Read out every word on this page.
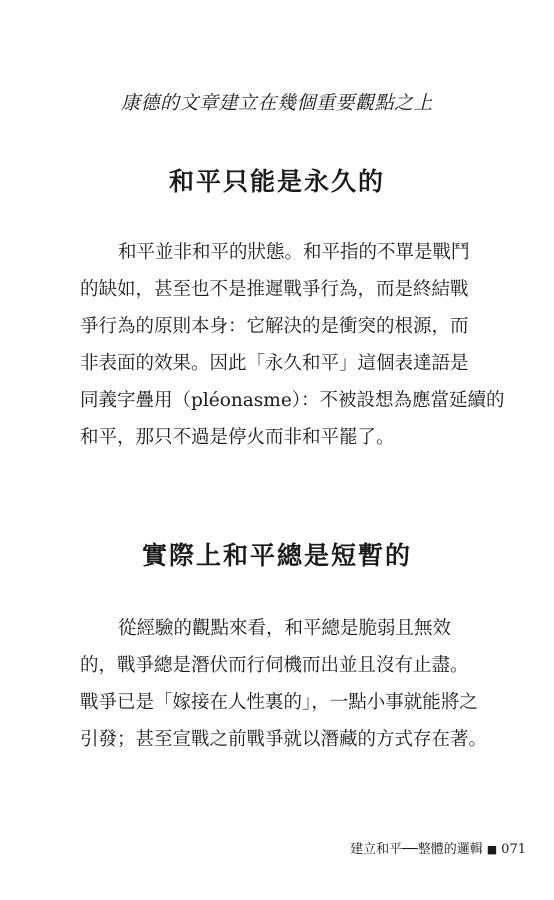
康德的文章建立在幾個重要觀點之上
和平只能是永久的
和平並非和平的狀態。和平指的不單是戰鬥
的缺如，甚至也不是推遲戰爭行為，而是終結戰
爭行為的原則本身：它解決的是衝突的根源，而
非表面的效果。因此「永久和平」這個表達語是
同義字疊用（pléonasme）：不被設想為應當延續的
和平，那只不過是停火而非和平罷了。
實際上和平總是短暫的
從經驗的觀點來看，和平總是脆弱且無效
的，戰爭總是潛伏而行伺機而出並且沒有止盡。
戰爭已是「嫁接在人性裏的」，一點小事就能將之
引發；甚至宣戰之前戰爭就以潛藏的方式存在著。
建立和平──整體的邏輯 ■ 071
